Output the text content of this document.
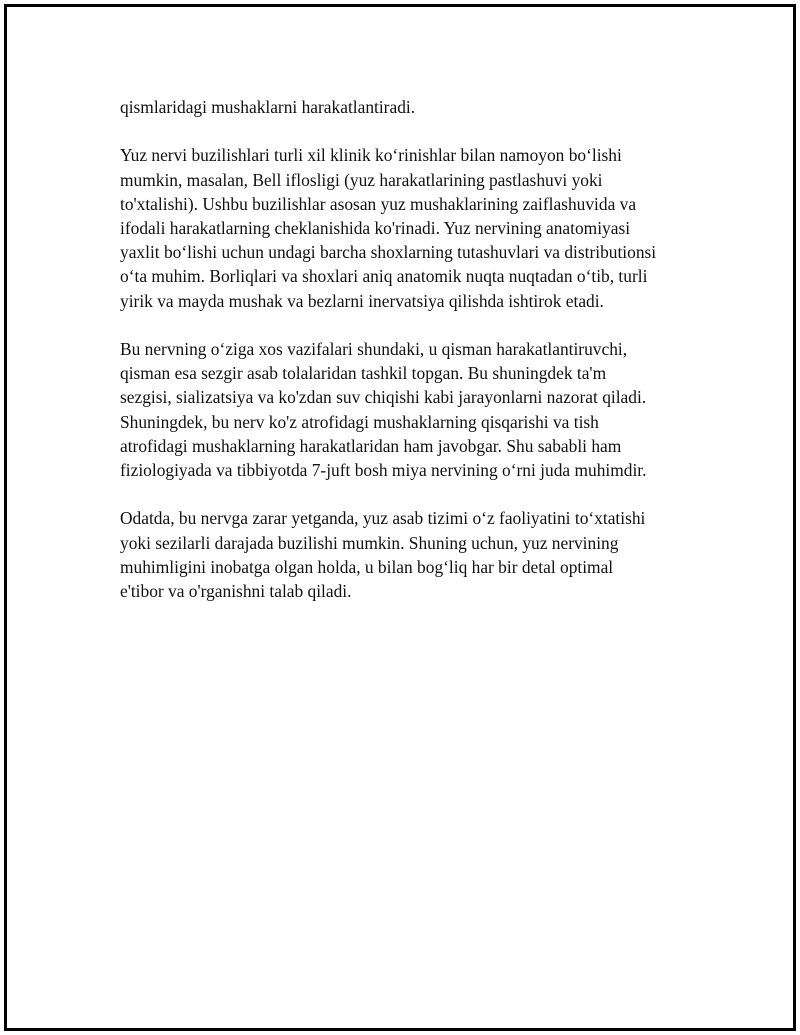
qismlaridagi mushaklarni harakatlantiradi.

Yuz nervi buzilishlari turli xil klinik koʻrinishlar bilan namoyon boʻlishi
mumkin, masalan, Bell iflosligi (yuz harakatlarining pastlashuvi yoki
to'xtalishi). Ushbu buzilishlar asosan yuz mushaklarining zaiflashuvida va
ifodali harakatlarning cheklanishida ko'rinadi. Yuz nervining anatomiyasi
yaxlit boʻlishi uchun undagi barcha shoxlarning tutashuvlari va distributionsi
oʻta muhim. Borliqlari va shoxlari aniq anatomik nuqta nuqtadan oʻtib, turli
yirik va mayda mushak va bezlarni inervatsiya qilishda ishtirok etadi.

Bu nervning oʻziga xos vazifalari shundaki, u qisman harakatlantiruvchi,
qisman esa sezgir asab tolalaridan tashkil topgan. Bu shuningdek ta'm
sezgisi, sializatsiya va ko'zdan suv chiqishi kabi jarayonlarni nazorat qiladi.
Shuningdek, bu nerv ko'z atrofidagi mushaklarning qisqarishi va tish
atrofidagi mushaklarning harakatlaridan ham javobgar. Shu sababli ham
fiziologiyada va tibbiyotda 7-juft bosh miya nervining oʻrni juda muhimdir.

Odatda, bu nervga zarar yetganda, yuz asab tizimi oʻz faoliyatini toʻxtatishi
yoki sezilarli darajada buzilishi mumkin. Shuning uchun, yuz nervining
muhimligini inobatga olgan holda, u bilan bogʻliq har bir detal optimal
e'tibor va o'rganishni talab qiladi.
